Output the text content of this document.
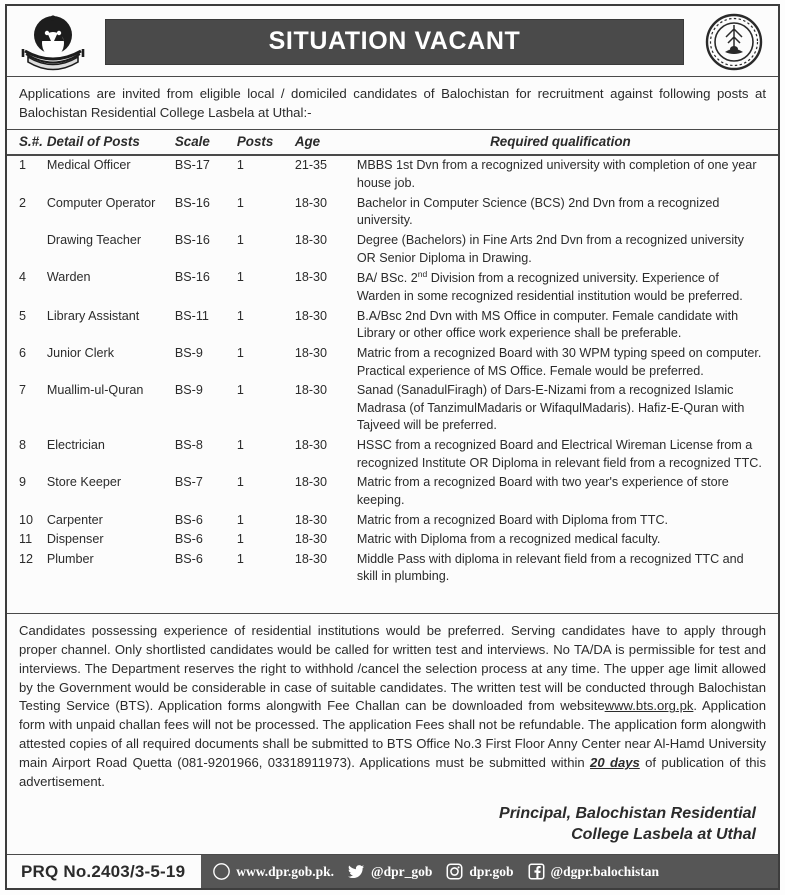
SITUATION VACANT
Applications are invited from eligible local / domiciled candidates of Balochistan for recruitment against following posts at Balochistan Residential College Lasbela at Uthal:-
S.#.	Detail of Posts	Scale	Posts	Age	Required qualification
1	Medical Officer	BS-17	1	21-35	MBBS 1st Dvn from a recognized university with completion of one year house job.
2	Computer Operator	BS-16	1	18-30	Bachelor in Computer Science (BCS) 2nd Dvn from a recognized university.
	Drawing Teacher	BS-16	1	18-30	Degree (Bachelors) in Fine Arts 2nd Dvn from a recognized university OR Senior Diploma in Drawing.
4	Warden	BS-16	1	18-30	BA/ BSc. 2nd Division from a recognized university. Experience of Warden in some recognized residential institution would be preferred.
5	Library Assistant	BS-11	1	18-30	B.A/Bsc 2nd Dvn with MS Office in computer. Female candidate with Library or other office work experience shall be preferable.
6	Junior Clerk	BS-9	1	18-30	Matric from a recognized Board with 30 WPM typing speed on computer. Practical experience of MS Office. Female would be preferred.
7	Muallim-ul-Quran	BS-9	1	18-30	Sanad (SanadulFiragh) of Dars-E-Nizami from a recognized Islamic Madrasa (of TanzimulMadaris or WifaqulMadaris). Hafiz-E-Quran with Tajveed will be preferred.
8	Electrician	BS-8	1	18-30	HSSC from a recognized Board and Electrical Wireman License from a recognized Institute OR Diploma in relevant field from a recognized TTC.
9	Store Keeper	BS-7	1	18-30	Matric from a recognized Board with two year's experience of store keeping.
10	Carpenter	BS-6	1	18-30	Matric from a recognized Board with Diploma from TTC.
11	Dispenser	BS-6	1	18-30	Matric with Diploma from a recognized medical faculty.
12	Plumber	BS-6	1	18-30	Middle Pass with diploma in relevant field from a recognized TTC and skill in plumbing.
Candidates possessing experience of residential institutions would be preferred. Serving candidates have to apply through proper channel. Only shortlisted candidates would be called for written test and interviews. No TA/DA is permissible for test and interviews. The Department reserves the right to withhold /cancel the selection process at any time. The upper age limit allowed by the Government would be considerable in case of suitable candidates. The written test will be conducted through Balochistan Testing Service (BTS). Application forms alongwith Fee Challan can be downloaded from websitewww.bts.org.pk. Application form with unpaid challan fees will not be processed. The application Fees shall not be refundable. The application form alongwith attested copies of all required documents shall be submitted to BTS Office No.3 First Floor Anny Center near Al-Hamd University main Airport Road Quetta (081-9201966, 03318911973). Applications must be submitted within 20 days of publication of this advertisement.
Principal, Balochistan Residential
College Lasbela at Uthal
PRQ No.2403/3-5-19	www.dpr.gob.pk.	@dpr_gob	dpr.gob	@dgpr.balochistan
